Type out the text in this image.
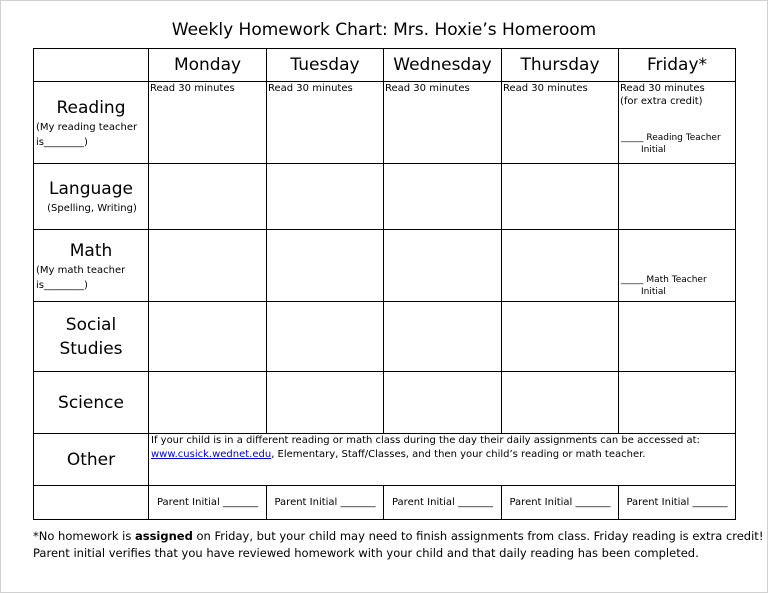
Weekly Homework Chart: Mrs. Hoxie’s Homeroom
	Monday	Tuesday	Wednesday	Thursday	Friday*

Reading
(My reading teacher
is________)	Read 30 minutes	Read 30 minutes	Read 30 minutes	Read 30 minutes	Read 30 minutes
(for extra credit)
_____ Reading Teacher
Initial

Language
(Spelling, Writing)					

Math
(My math teacher
is________)					_____ Math Teacher
Initial

Social
Studies					

Science					

Other	If your child is in a different reading or math class during the day their daily assignments can be accessed at:
www.cusick.wednet.edu, Elementary, Staff/Classes, and then your child’s reading or math teacher.				

	Parent Initial _______	Parent Initial _______	Parent Initial _______	Parent Initial _______	Parent Initial _______
*No homework is assigned on Friday, but your child may need to finish assignments from class. Friday reading is extra credit!
Parent initial verifies that you have reviewed homework with your child and that daily reading has been completed.
